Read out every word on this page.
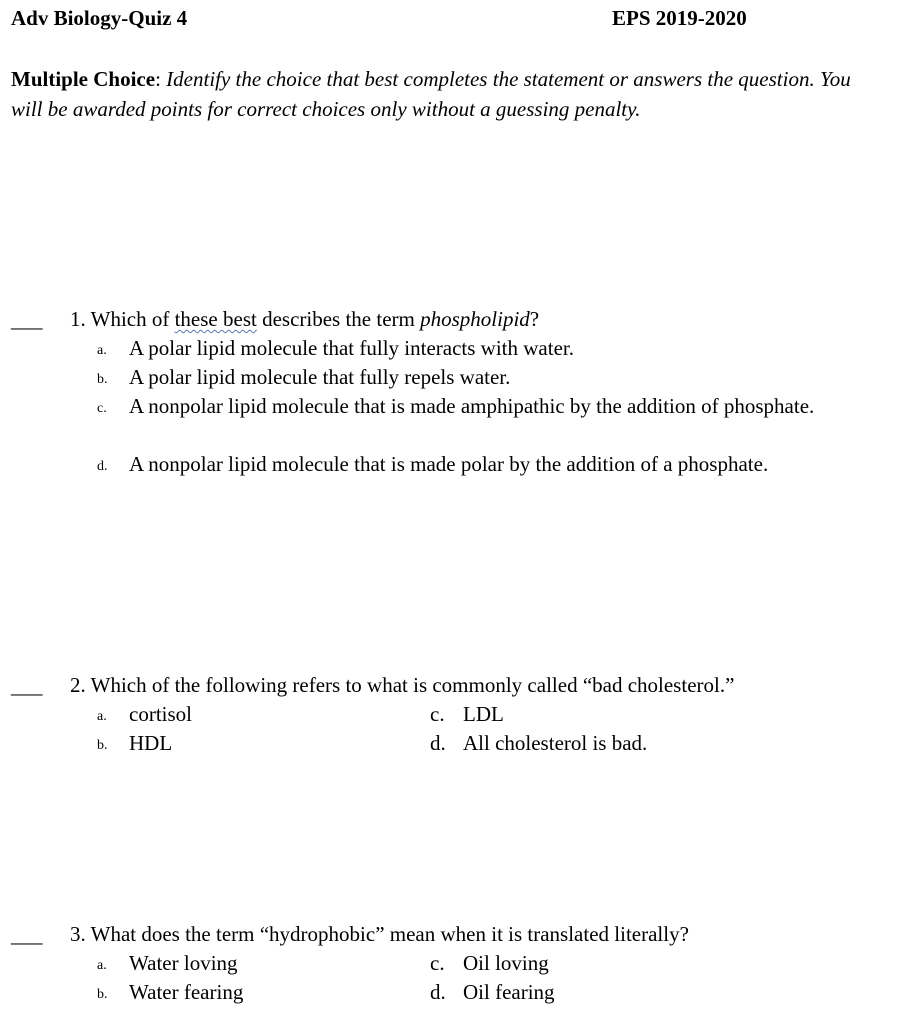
Adv Biology-Quiz 4	EPS 2019-2020
Multiple Choice: Identify the choice that best completes the statement or answers the question. You will be awarded points for correct choices only without a guessing penalty.
___ 1. Which of these best describes the term phospholipid?
a. A polar lipid molecule that fully interacts with water.
b. A polar lipid molecule that fully repels water.
c. A nonpolar lipid molecule that is made amphipathic by the addition of phosphate.
d. A nonpolar lipid molecule that is made polar by the addition of a phosphate.
___ 2. Which of the following refers to what is commonly called “bad cholesterol.”
a. cortisol	c. LDL
b. HDL	d. All cholesterol is bad.
___ 3. What does the term “hydrophobic” mean when it is translated literally?
a. Water loving	c. Oil loving
b. Water fearing	d. Oil fearing
